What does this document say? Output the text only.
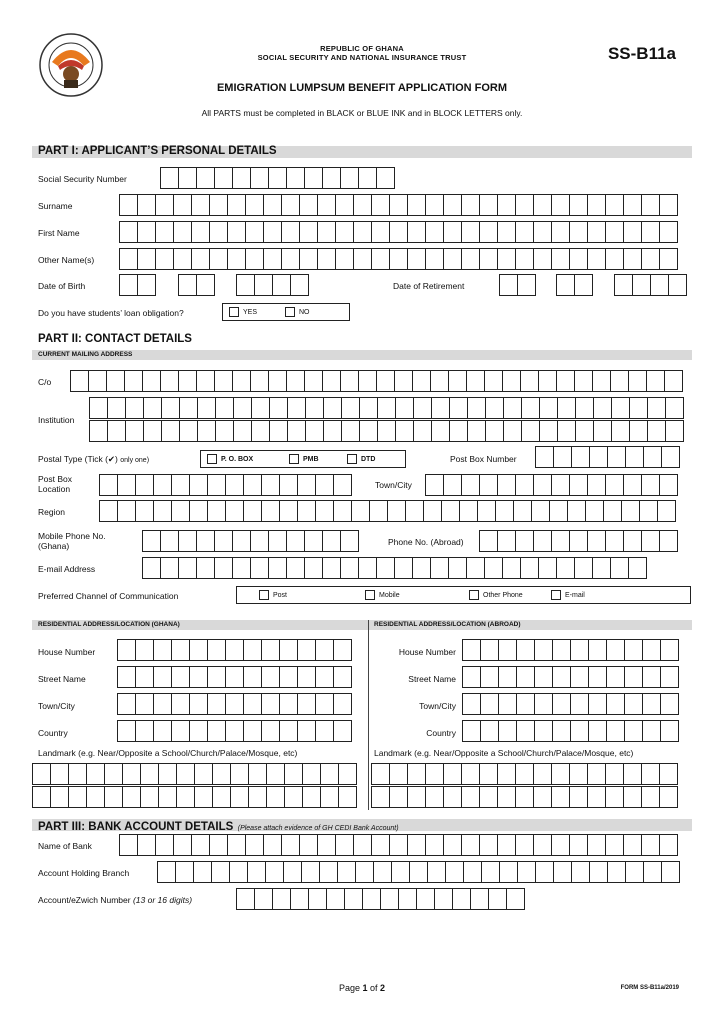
REPUBLIC OF GHANA
SOCIAL SECURITY AND NATIONAL INSURANCE TRUST	SS-B11a
EMIGRATION LUMPSUM BENEFIT APPLICATION FORM
All PARTS must be completed in BLACK or BLUE INK and in BLOCK LETTERS only.
PART I: APPLICANT’S PERSONAL DETAILS
Social Security Number
Surname
First Name
Other Name(s)
Date of Birth	Date of Retirement
Do you have students’ loan obligation?	YES	NO
PART II: CONTACT DETAILS
CURRENT MAILING ADDRESS
C/o
Institution
Postal Type (Tick (✔) only one)	P. O. BOX	PMB	DTD	Post Box Number
Post Box
Location	Town/City
Region
Mobile Phone No.
(Ghana)	Phone No. (Abroad)
E-mail Address
Preferred Channel of Communication	Post	Mobile	Other Phone	E-mail
RESIDENTIAL ADDRESS/LOCATION (GHANA)	RESIDENTIAL ADDRESS/LOCATION (ABROAD)
House Number	House Number
Street Name	Street Name
Town/City	Town/City
Country	Country
Landmark (e.g. Near/Opposite a School/Church/Palace/Mosque, etc)	Landmark (e.g. Near/Opposite a School/Church/Palace/Mosque, etc)
PART III: BANK ACCOUNT DETAILS (Please attach evidence of GH CEDI Bank Account)
Name of Bank
Account Holding Branch
Account/eZwich Number (13 or 16 digits)
Page 1 of 2	FORM SS-B11a/2019
